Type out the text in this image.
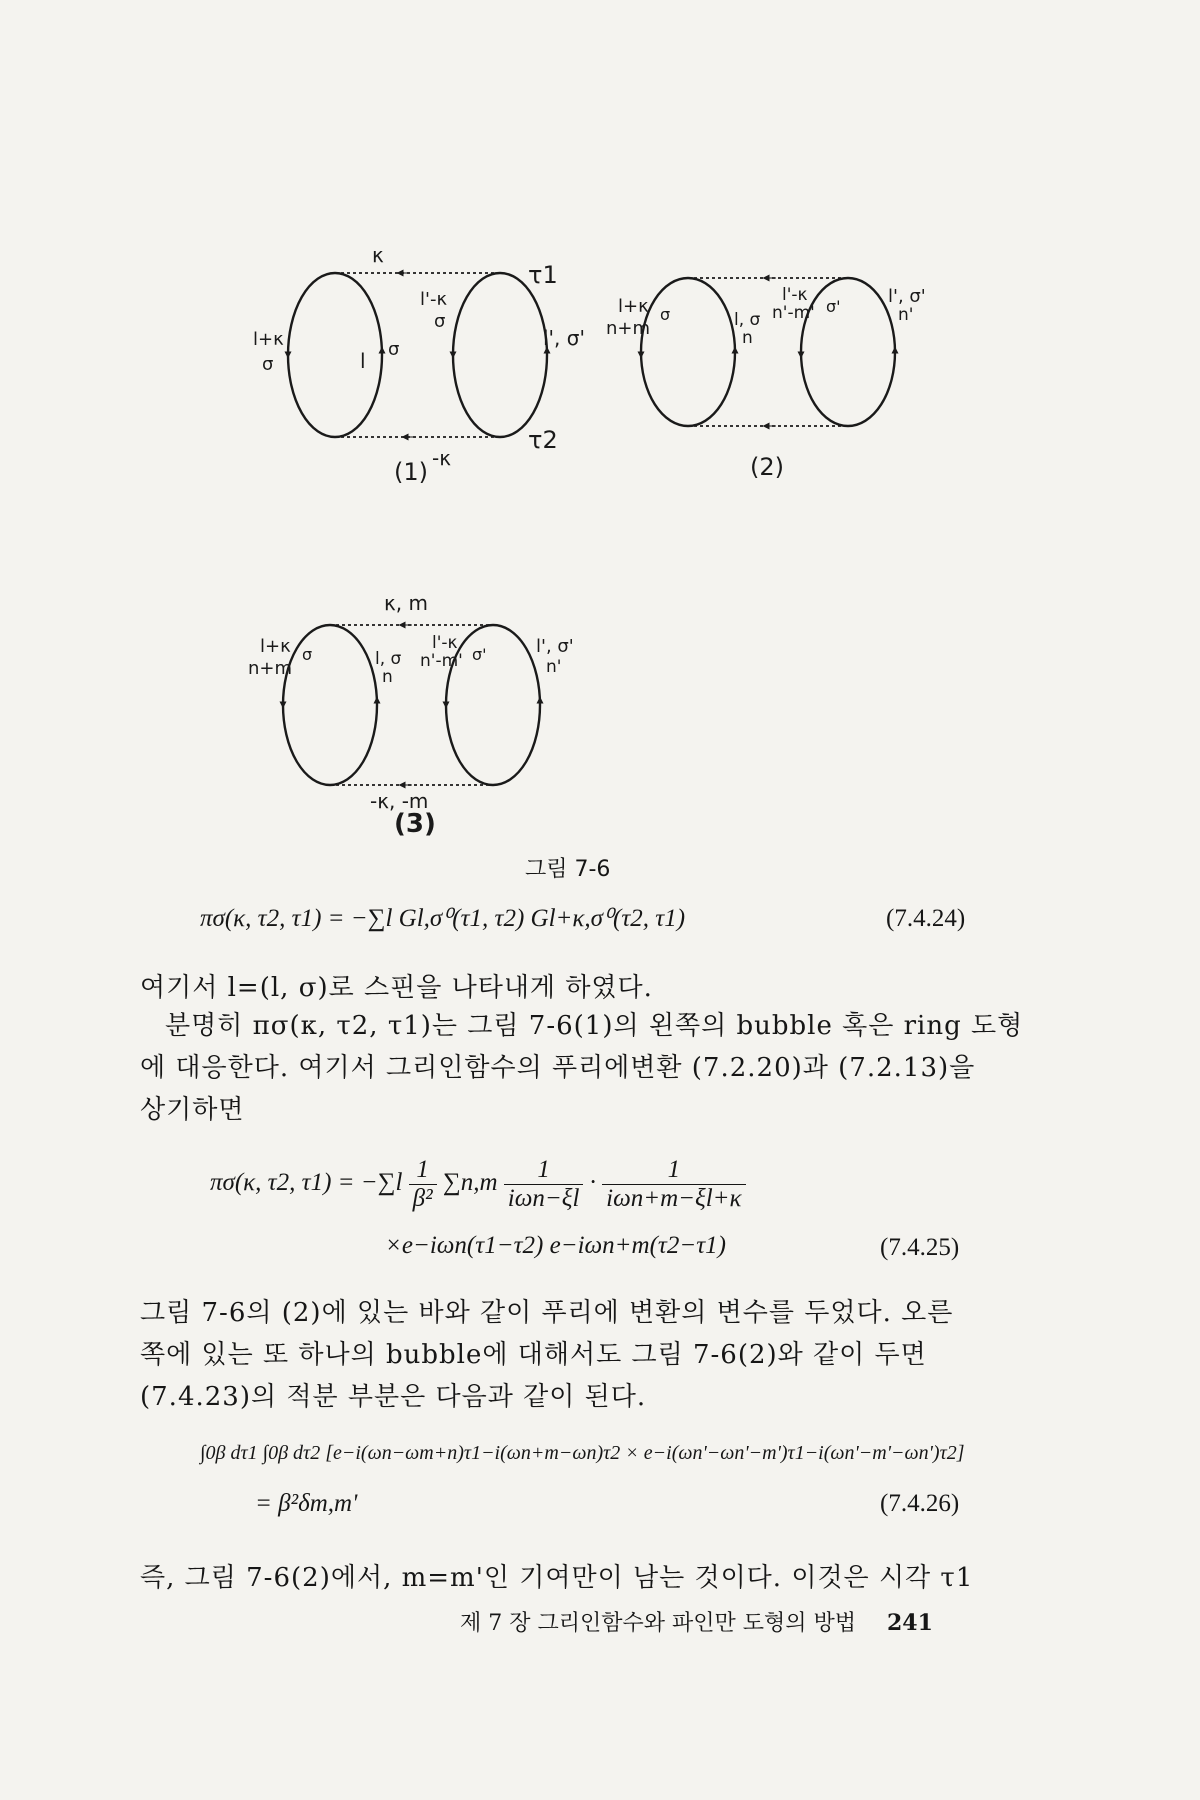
κ
-κ
τ1
τ2
l+κ
σ	l σ
l'-κ
σ
l', σ'
(1)
l+κ
n+m
σ	l, σ
n
l'-κ
n'-m' σ'	l', σ'
n'
(2)
κ, m
-κ, -m
l+κ
n+m
σ	l, σ
n
l'-κ
n'-m' σ'	l', σ'
n'
(3)
그림 7-6
πσ(κ, τ2, τ1) = −∑l Gl,σ⁰(τ1, τ2) Gl+κ,σ⁰(τ2, τ1)	(7.4.24)
여기서 l=(l, σ)로 스핀을 나타내게 하였다.
분명히 πσ(κ, τ2, τ1)는 그림 7-6(1)의 왼쪽의 bubble 혹은 ring 도형
에 대응한다. 여기서 그리인함수의 푸리에변환 (7.2.20)과 (7.2.13)을
상기하면
πσ(κ, τ2, $\tau 1) = -\sum l \frac{1}{\text{β²}} \sum n,m \frac{1}{\text{iωn−ξl}} \cdot \frac{1}{\text{iωn+m−ξl+κ}}$
×e−iωn(τ1−τ2) e−iωn+m(τ2−τ1)	(7.4.25)
그림 7-6의 (2)에 있는 바와 같이 푸리에 변환의 변수를 두었다. 오른
쪽에 있는 또 하나의 bubble에 대해서도 그림 7-6(2)와 같이 두면
(7.4.23)의 적분 부분은 다음과 같이 된다.
∫0β dτ1 ∫0β dτ2 [e−i(ωn−ωm+n)τ1−i(ωn+m−ωn)τ2 × e−i(ωn'−ωn'−m')τ1−i(ωn'−m'−ωn')τ2]
= β²δm,m'	(7.4.26)
즉, 그림 7-6(2)에서, m=m'인 기여만이 남는 것이다. 이것은 시각 τ1
제 7 장 그리인함수와 파인만 도형의 방법 241
